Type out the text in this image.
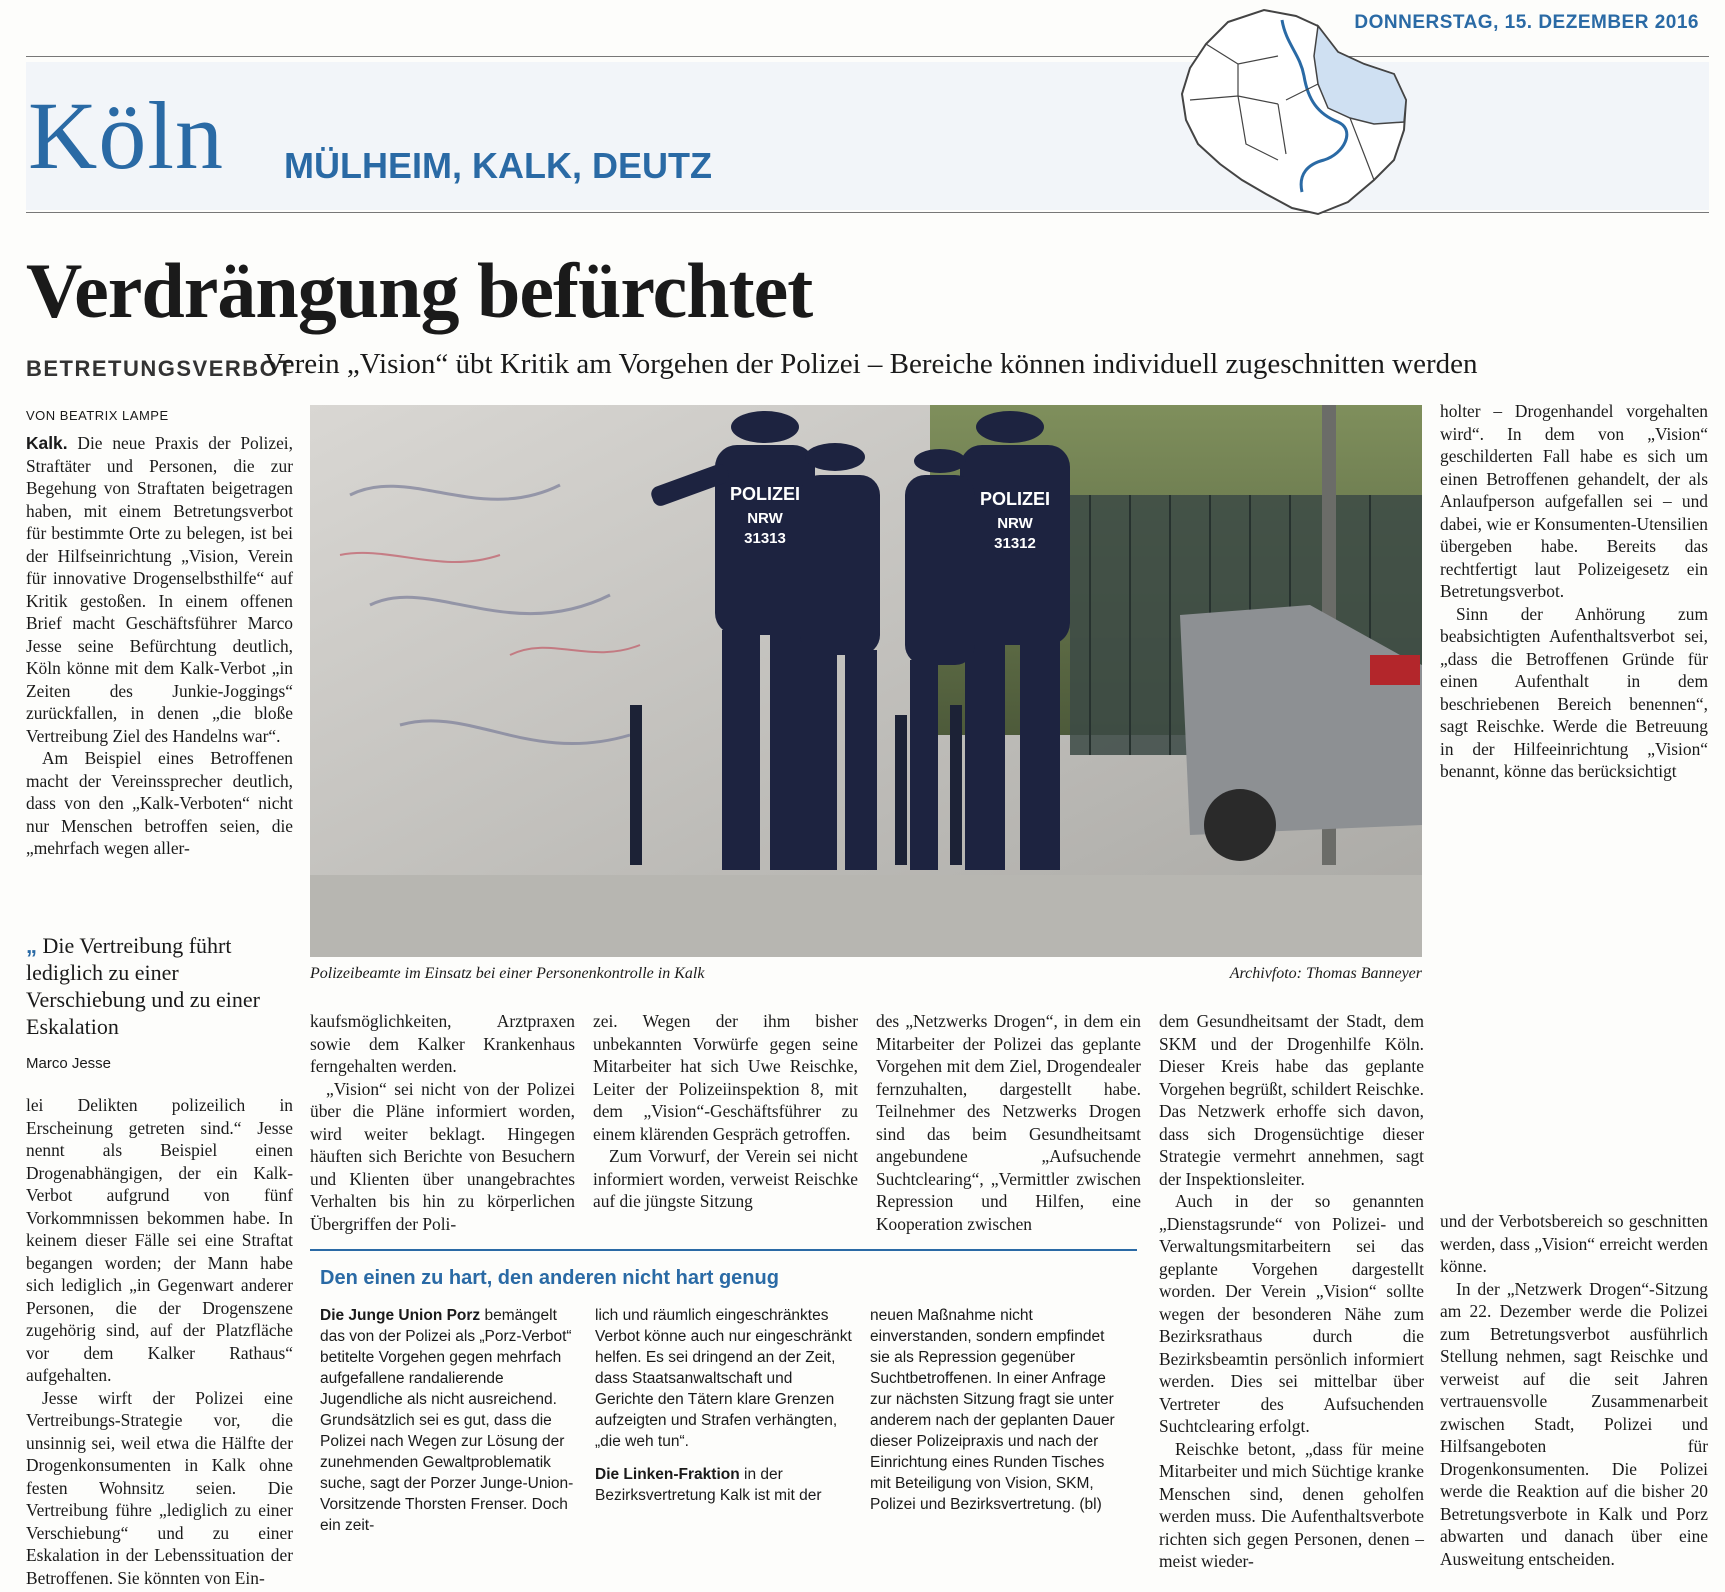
DONNERSTAG, 15. DEZEMBER 2016
Köln MÜLHEIM, KALK, DEUTZ
Verdrängung befürchtet
BETRETUNGSVERBOT
Verein „Vision“ übt Kritik am Vorgehen der Polizei – Bereiche können individuell zugeschnitten werden
VON BEATRIX LAMPE

Kalk. Die neue Praxis der Polizei, Straftäter und Personen, die zur Begehung von Straftaten beigetragen haben, mit einem Betretungsverbot für bestimmte Orte zu belegen, ist bei der Hilfseinrichtung „Vision, Verein für innovative Drogenselbsthilfe“ auf Kritik gestoßen. In einem offenen Brief macht Geschäftsführer Marco Jesse seine Befürchtung deutlich, Köln könne mit dem Kalk-Verbot „in Zeiten des Junkie-Joggings“ zurückfallen, in denen „die bloße Vertreibung Ziel des Handelns war“.

Am Beispiel eines Betroffenen macht der Vereinssprecher deutlich, dass von den „Kalk-Verboten“ nicht nur Menschen betroffen seien, die „mehrfach wegen aller-

„ Die Vertreibung führt lediglich zu einer Verschiebung und zu einer Eskalation
Marco Jesse

lei Delikten polizeilich in Erscheinung getreten sind.“ Jesse nennt als Beispiel einen Drogenabhängigen, der ein Kalk-Verbot aufgrund von fünf Vorkommnissen bekommen habe. In keinem dieser Fälle sei eine Straftat begangen worden; der Mann habe sich lediglich „in Gegenwart anderer Personen, die der Drogenszene zugehörig sind, auf der Platzfläche vor dem Kalker Rathaus“ aufgehalten.

Jesse wirft der Polizei eine Vertreibungs-Strategie vor, die unsinnig sei, weil etwa die Hälfte der Drogenkonsumenten in Kalk ohne festen Wohnsitz seien. Die Vertreibung führe „lediglich zu einer Verschiebung“ und zu einer Eskalation in der Lebenssituation der Betroffenen. Sie könnten von Ein-

POLIZEI
NRW
31313
POLIZEI
NRW
31312
Polizeibeamte im Einsatz bei einer Personenkontrolle in Kalk	Archivfoto: Thomas Banneyer

holter – Drogenhandel vorgehalten wird“. In dem von „Vision“ geschilderten Fall habe es sich um einen Betroffenen gehandelt, der als Anlaufperson aufgefallen sei – und dabei, wie er Konsumenten-Utensilien übergeben habe. Bereits das rechtfertigt laut Polizeigesetz ein Betretungsverbot.

Sinn der Anhörung zum beabsichtigten Aufenthaltsverbot sei, „dass die Betroffenen Gründe für einen Aufenthalt in dem beschriebenen Bereich benennen“, sagt Reischke. Werde die Betreuung in der Hilfeeinrichtung „Vision“ benannt, könne das berücksichtigt

kaufsmöglichkeiten, Arztpraxen sowie dem Kalker Krankenhaus ferngehalten werden.

„Vision“ sei nicht von der Polizei über die Pläne informiert worden, wird weiter beklagt. Hingegen häuften sich Berichte von Besuchern und Klienten über unangebrachtes Verhalten bis hin zu körperlichen Übergriffen der Poli-

zei. Wegen der ihm bisher unbekannten Vorwürfe gegen seine Mitarbeiter hat sich Uwe Reischke, Leiter der Polizeiinspektion 8, mit dem „Vision“-Geschäftsführer zu einem klärenden Gespräch getroffen.

Zum Vorwurf, der Verein sei nicht informiert worden, verweist Reischke auf die jüngste Sitzung

des „Netzwerks Drogen“, in dem ein Mitarbeiter der Polizei das geplante Vorgehen mit dem Ziel, Drogendealer fernzuhalten, dargestellt habe. Teilnehmer des Netzwerks Drogen sind das beim Gesundheitsamt angebundene „Aufsuchende Suchtclearing“, „Vermittler zwischen Repression und Hilfen, eine Kooperation zwischen

dem Gesundheitsamt der Stadt, dem SKM und der Drogenhilfe Köln. Dieser Kreis habe das geplante Vorgehen begrüßt, schildert Reischke. Das Netzwerk erhoffe sich davon, dass sich Drogensüchtige dieser Strategie vermehrt annehmen, sagt der Inspektionsleiter.

Auch in der so genannten „Dienstagsrunde“ von Polizei- und Verwaltungsmitarbeitern sei das geplante Vorgehen dargestellt worden. Der Verein „Vision“ sollte wegen der besonderen Nähe zum Bezirksrathaus durch die Bezirksbeamtin persönlich informiert werden. Dies sei mittelbar über Vertreter des Aufsuchenden Suchtclearing erfolgt.

Reischke betont, „dass für meine Mitarbeiter und mich Süchtige kranke Menschen sind, denen geholfen werden muss. Die Aufenthaltsverbote richten sich gegen Personen, denen – meist wieder-

und der Verbotsbereich so geschnitten werden, dass „Vision“ erreicht werden könne.

In der „Netzwerk Drogen“-Sitzung am 22. Dezember werde die Polizei zum Betretungsverbot ausführlich Stellung nehmen, sagt Reischke und verweist auf die seit Jahren vertrauensvolle Zusammenarbeit zwischen Stadt, Polizei und Hilfsangeboten für Drogenkonsumenten. Die Polizei werde die Reaktion auf die bisher 20 Betretungsverbote in Kalk und Porz abwarten und danach über eine Ausweitung entscheiden.

Den einen zu hart, den anderen nicht hart genug

Die Junge Union Porz bemängelt das von der Polizei als „Porz-Verbot“ betitelte Vorgehen gegen mehrfach aufgefallene randalierende Jugendliche als nicht ausreichend. Grundsätzlich sei es gut, dass die Polizei nach Wegen zur Lösung der zunehmenden Gewaltproblematik suche, sagt der Porzer Junge-Union-Vorsitzende Thorsten Frenser. Doch ein zeit-

lich und räumlich eingeschränktes Verbot könne auch nur eingeschränkt helfen. Es sei dringend an der Zeit, dass Staatsanwaltschaft und Gerichte den Tätern klare Grenzen aufzeigten und Strafen verhängten, „die weh tun“.

Die Linken-Fraktion in der Bezirksvertretung Kalk ist mit der

neuen Maßnahme nicht einverstanden, sondern empfindet sie als Repression gegenüber Suchtbetroffenen. In einer Anfrage zur nächsten Sitzung fragt sie unter anderem nach der geplanten Dauer dieser Polizeipraxis und nach der Einrichtung eines Runden Tisches mit Beteiligung von Vision, SKM, Polizei und Bezirksvertretung. (bl)
